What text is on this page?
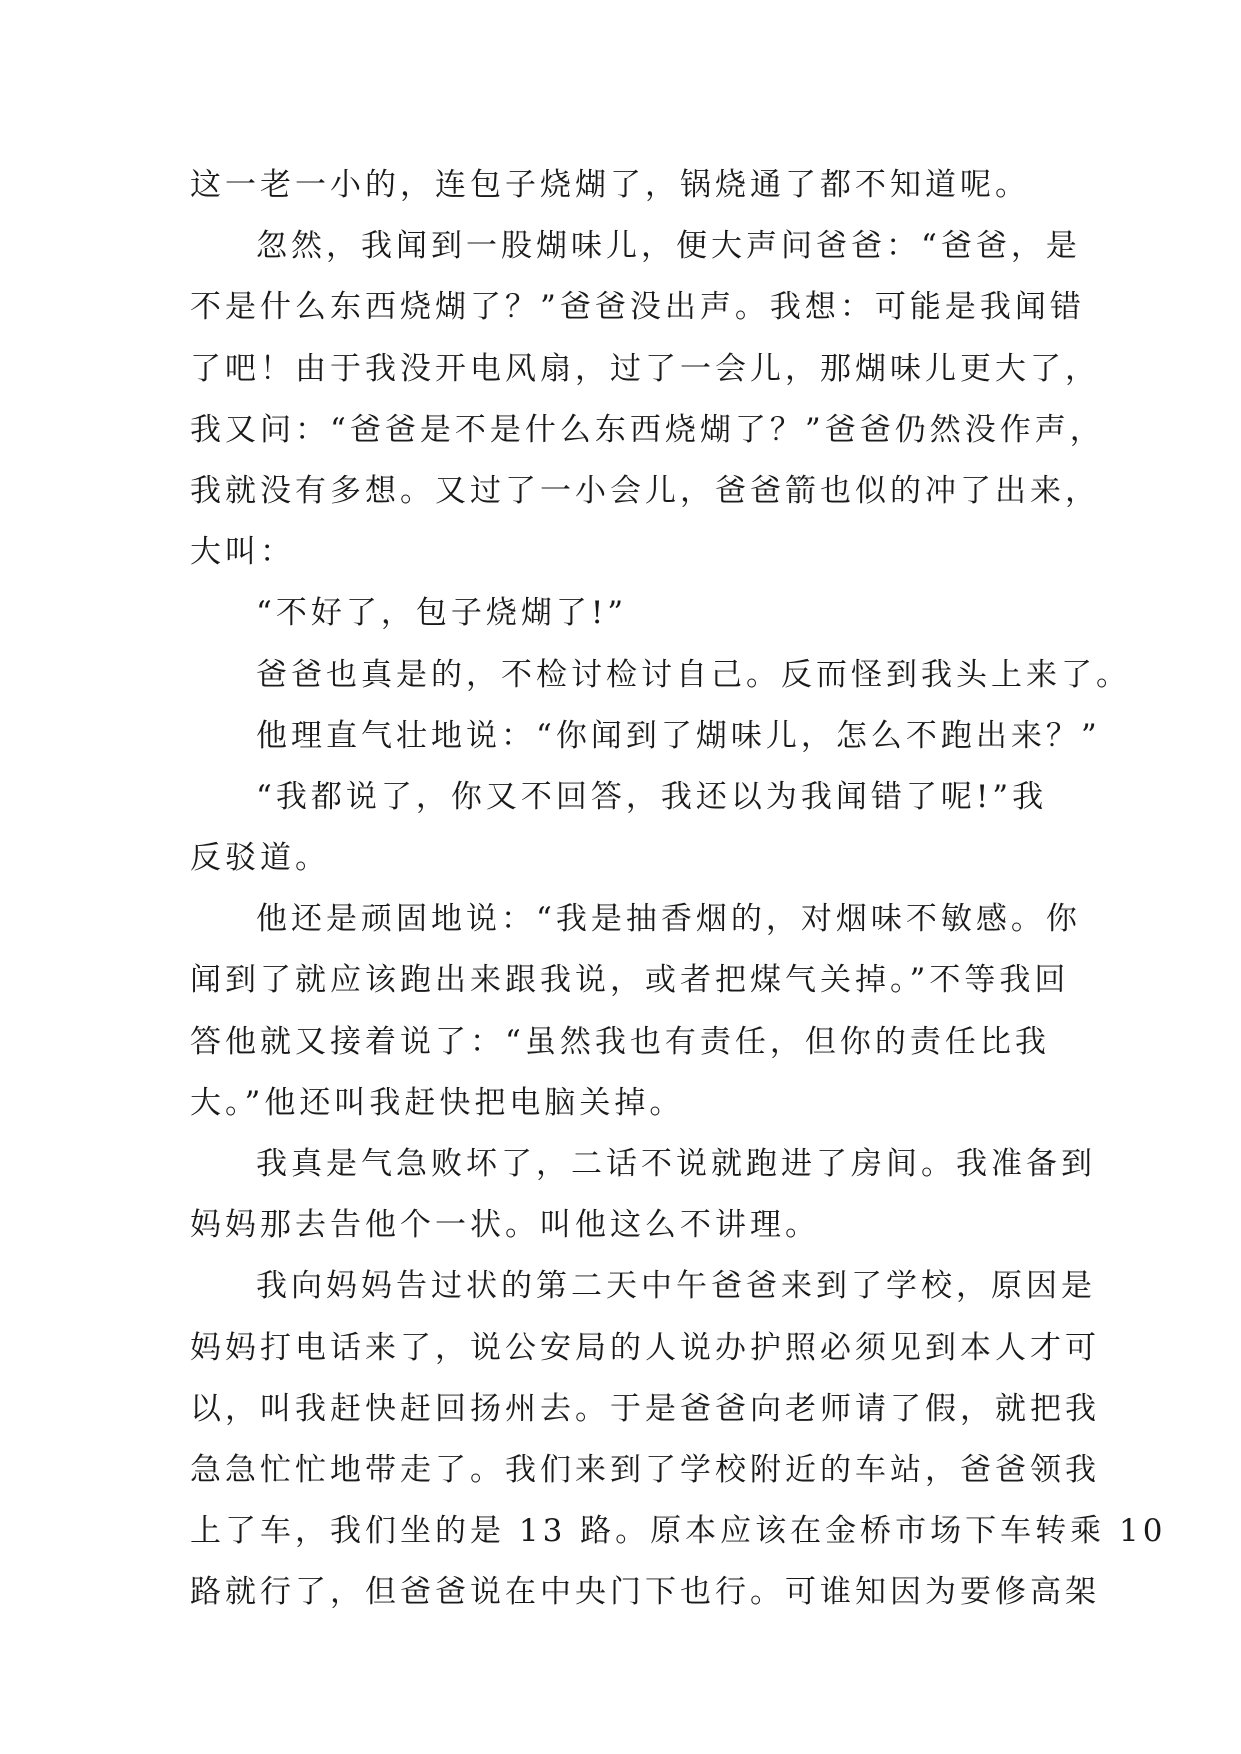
这一老一小的，连包子烧煳了，锅烧通了都不知道呢。
忽然，我闻到一股煳味儿，便大声问爸爸：“爸爸，是
不是什么东西烧煳了？”爸爸没出声。我想：可能是我闻错
了吧！由于我没开电风扇，过了一会儿，那煳味儿更大了，
我又问：“爸爸是不是什么东西烧煳了？”爸爸仍然没作声，
我就没有多想。又过了一小会儿，爸爸箭也似的冲了出来，
大叫：
“不好了，包子烧煳了!”
爸爸也真是的，不检讨检讨自己。反而怪到我头上来了。
他理直气壮地说：“你闻到了煳味儿，怎么不跑出来？”
“我都说了，你又不回答，我还以为我闻错了呢!”我
反驳道。
他还是顽固地说：“我是抽香烟的，对烟味不敏感。你
闻到了就应该跑出来跟我说，或者把煤气关掉。”不等我回
答他就又接着说了：“虽然我也有责任，但你的责任比我
大。”他还叫我赶快把电脑关掉。
我真是气急败坏了，二话不说就跑进了房间。我准备到
妈妈那去告他个一状。叫他这么不讲理。
我向妈妈告过状的第二天中午爸爸来到了学校，原因是
妈妈打电话来了，说公安局的人说办护照必须见到本人才可
以，叫我赶快赶回扬州去。于是爸爸向老师请了假，就把我
急急忙忙地带走了。我们来到了学校附近的车站，爸爸领我
上了车，我们坐的是 13 路。原本应该在金桥市场下车转乘 10
路就行了，但爸爸说在中央门下也行。可谁知因为要修高架
